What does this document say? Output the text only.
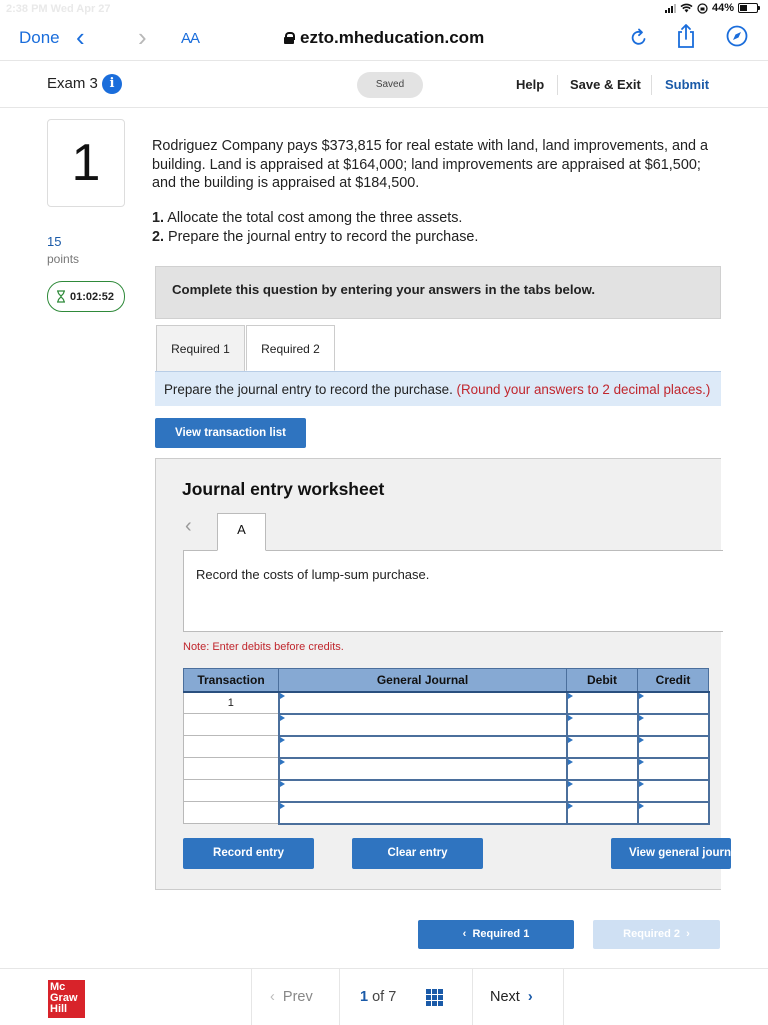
2:38 PM Wed Apr 27	44%
Done ‹ › AA	ezto.mheducation.com
Exam 3 i	Saved	Help Save & Exit Submit
1
15
points
01:02:52
Rodriguez Company pays $373,815 for real estate with land, land improvements, and a building. Land is appraised at $164,000; land improvements are appraised at $61,500; and the building is appraised at $184,500.
1. Allocate the total cost among the three assets.
2. Prepare the journal entry to record the purchase.
Complete this question by entering your answers in the tabs below.
Required 1	Required 2
Prepare the journal entry to record the purchase. (Round your answers to 2 decimal places.)
View transaction list
Journal entry worksheet
‹	A
Record the costs of lump-sum purchase.
Note: Enter debits before credits.
Transaction	General Journal	Debit	Credit
1			

Record entry	Clear entry	View general journal
‹ Required 1	Required 2 ›
Mc
Graw
Hill
‹ Prev	1 of 7	Next ›
